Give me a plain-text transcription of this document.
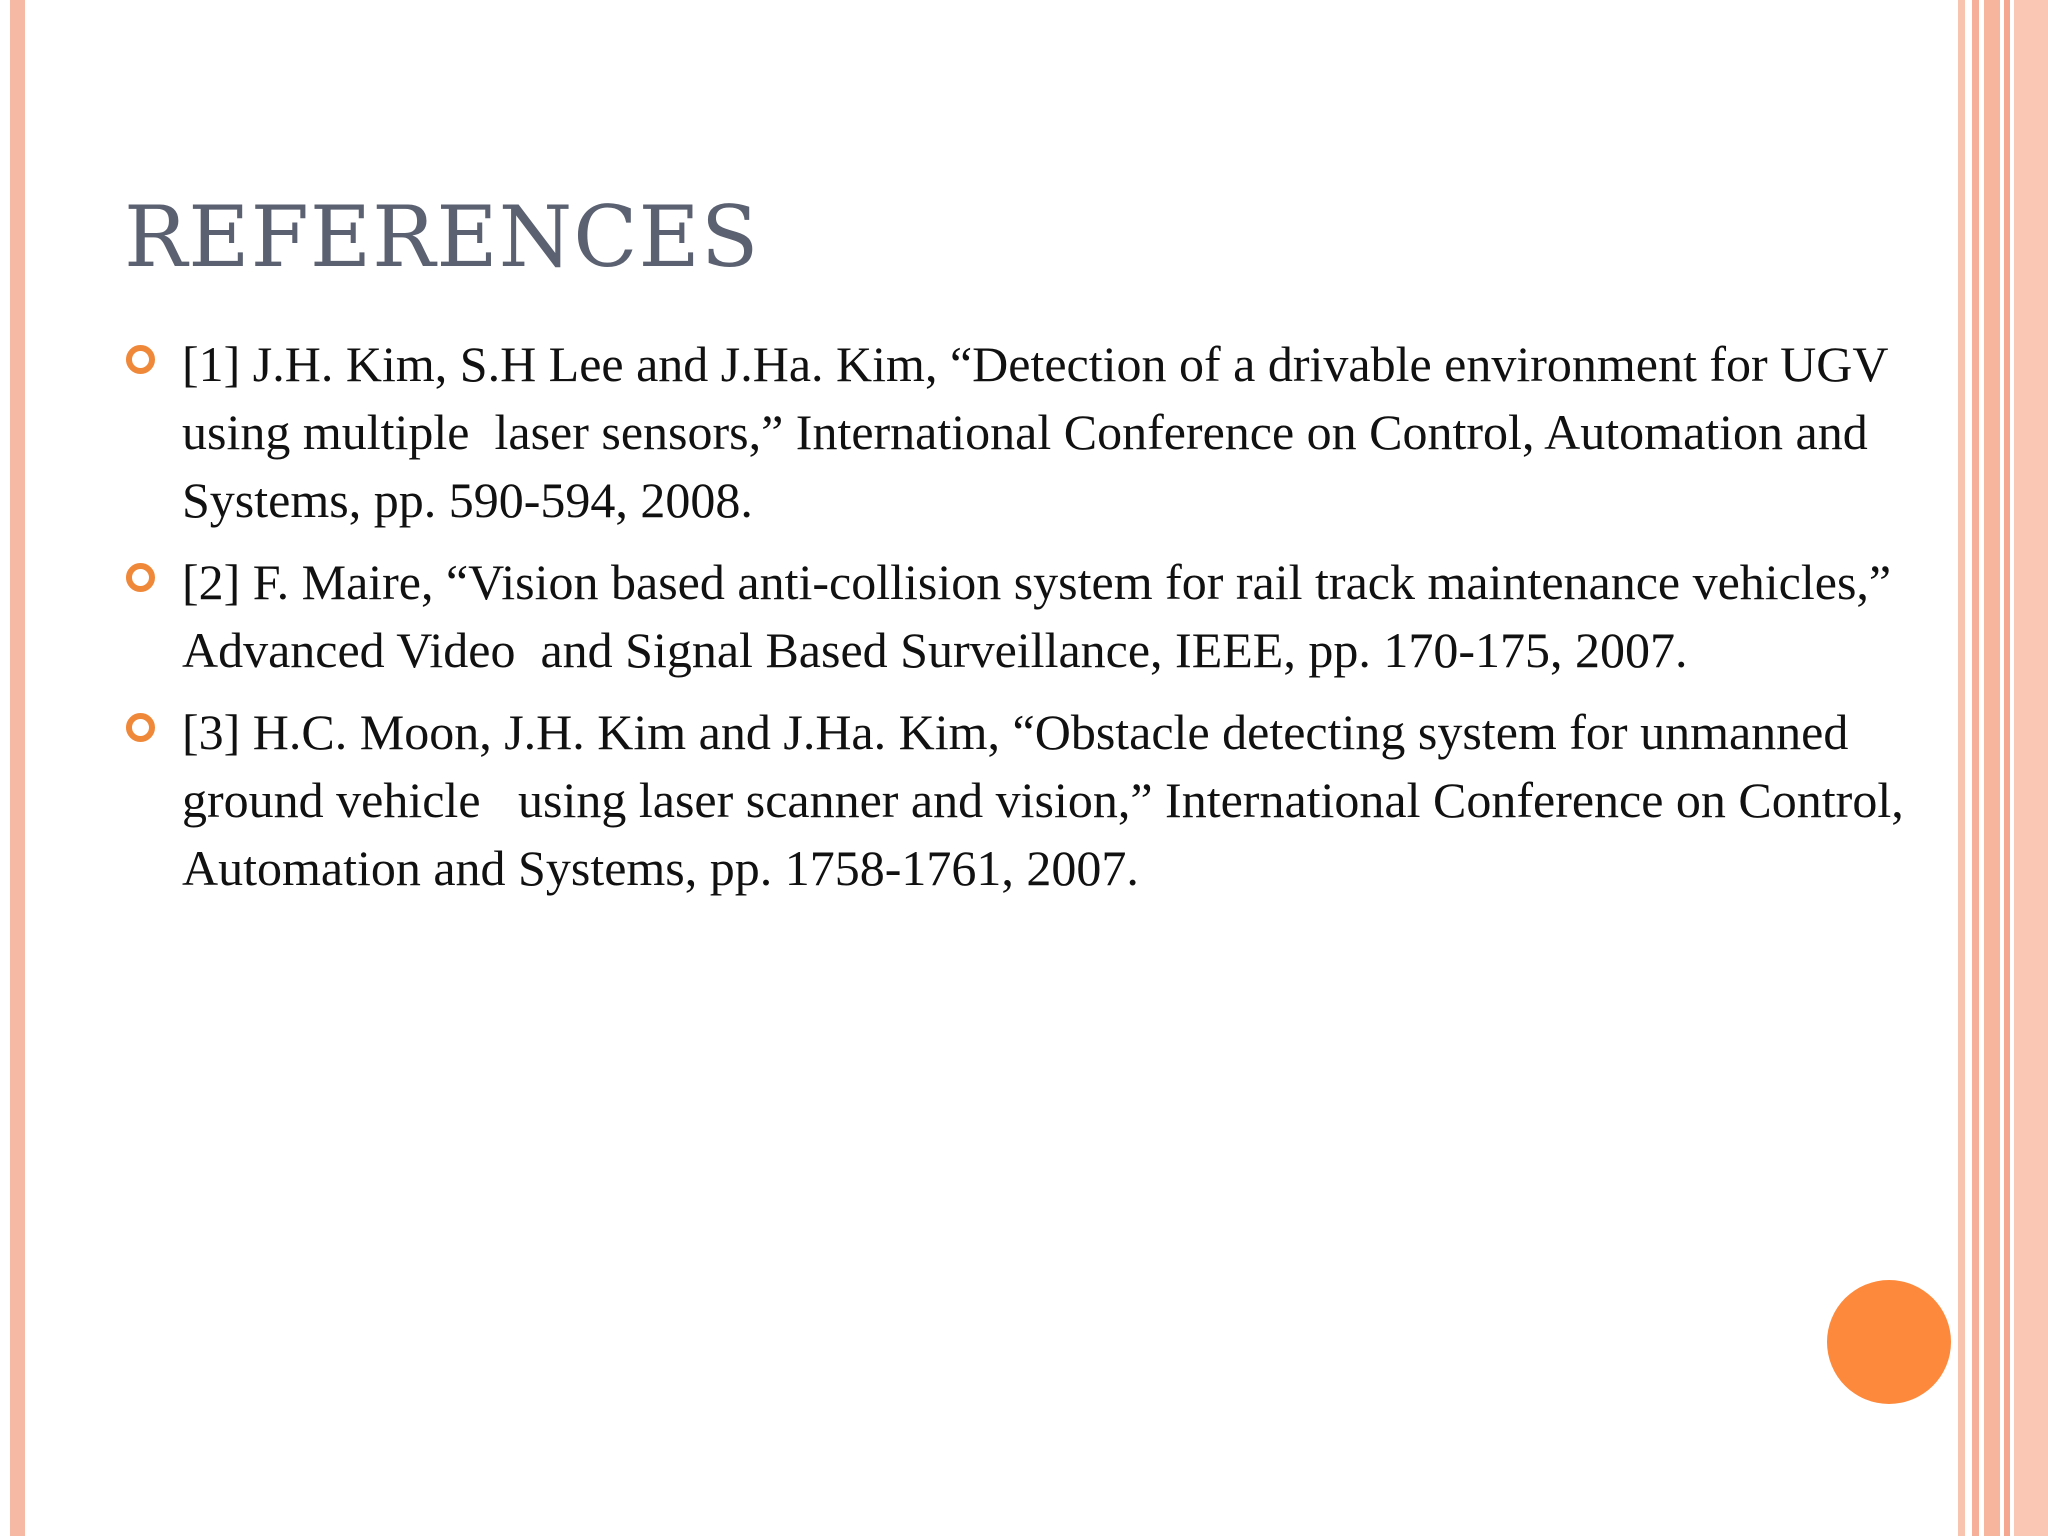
REFERENCES
[1] J.H. Kim, S.H Lee and J.Ha. Kim, “Detection of a drivable environment for UGV using multiple  laser sensors,” International Conference on Control, Automation and Systems, pp. 590-594, 2008.
[2] F. Maire, “Vision based anti-collision system for rail track maintenance vehicles,” Advanced Video  and Signal Based Surveillance, IEEE, pp. 170-175, 2007.
[3] H.C. Moon, J.H. Kim and J.Ha. Kim, “Obstacle detecting system for unmanned ground vehicle   using laser scanner and vision,” International Conference on Control, Automation and Systems, pp. 1758-1761, 2007.
